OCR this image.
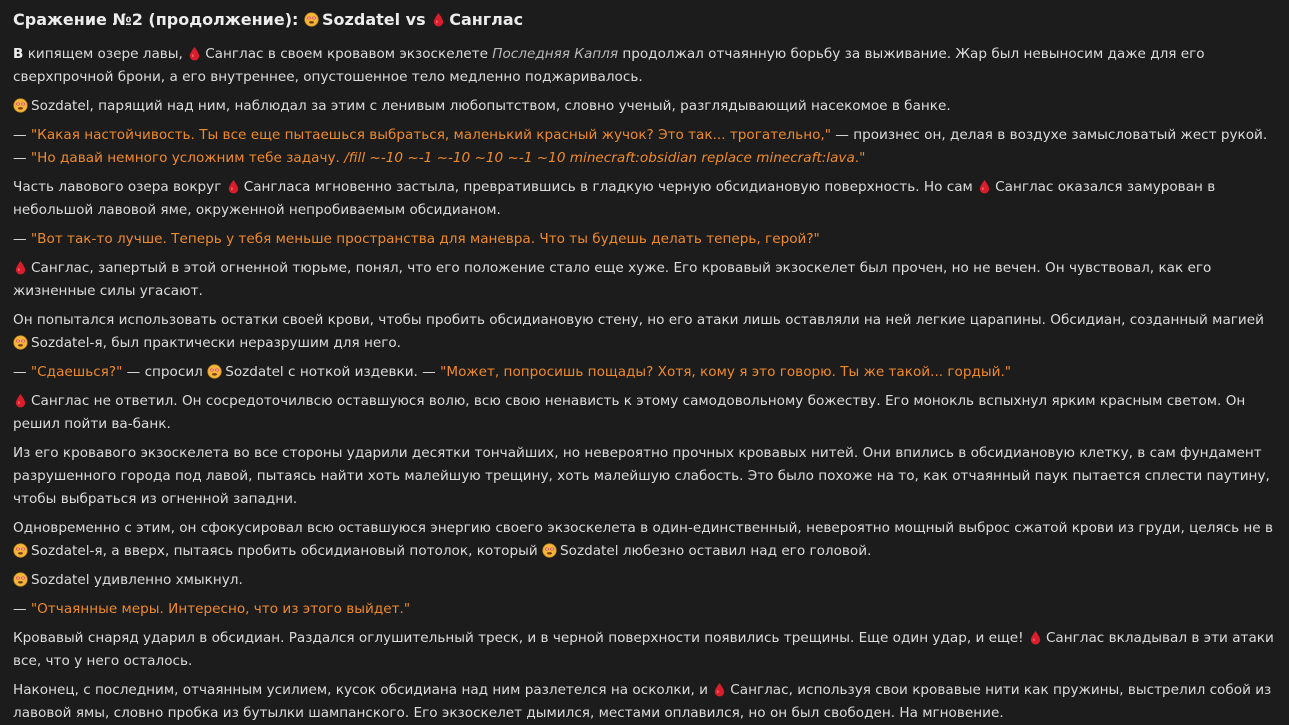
Сражение №2 (продолжение):
Sozdatel
vs
Санглас

В кипящем озере лавы,
Санглас в своем кровавом экзоскелете Последняя Капля продолжал отчаянную борьбу за выживание. Жар был невыносим даже для его сверхпрочной брони, а его внутреннее, опустошенное тело медленно поджаривалось.

Sozdatel, парящий над ним, наблюдал за этим с ленивым любопытством, словно ученый, разглядывающий насекомое в банке.

— "Какая настойчивость. Ты все еще пытаешься выбраться, маленький красный жучок? Это так... трогательно," — произнес он, делая в воздухе замысловатый жест рукой. — "Но давай немного усложним тебе задачу. /fill ~-10 ~-1 ~-10 ~10 ~-1 ~10 minecraft:obsidian replace minecraft:lava."

Часть лавового озера вокруг
Сангласа мгновенно застыла, превратившись в гладкую черную обсидиановую поверхность. Но сам
Санглас оказался замурован в небольшой лавовой яме, окруженной непробиваемым обсидианом.

— "Вот так-то лучше. Теперь у тебя меньше пространства для маневра. Что ты будешь делать теперь, герой?"

Санглас, запертый в этой огненной тюрьме, понял, что его положение стало еще хуже. Его кровавый экзоскелет был прочен, но не вечен. Он чувствовал, как его жизненные силы угасают.

Он попытался использовать остатки своей крови, чтобы пробить обсидиановую стену, но его атаки лишь оставляли на ней легкие царапины. Обсидиан, созданный магией
Sozdatel-я, был практически неразрушим для него.

— "Сдаешься?" — спросил
Sozdatel с ноткой издевки. — "Может, попросишь пощады? Хотя, кому я это говорю. Ты же такой... гордый."

Санглас не ответил. Он сосредоточилвсю оставшуюся волю, всю свою ненависть к этому самодовольному божеству. Его монокль вспыхнул ярким красным светом. Он решил пойти ва-банк.

Из его кровавого экзоскелета во все стороны ударили десятки тончайших, но невероятно прочных кровавых нитей. Они впились в обсидиановую клетку, в сам фундамент разрушенного города под лавой, пытаясь найти хоть малейшую трещину, хоть малейшую слабость. Это было похоже на то, как отчаянный паук пытается сплести паутину, чтобы выбраться из огненной западни.

Одновременно с этим, он сфокусировал всю оставшуюся энергию своего экзоскелета в один-единственный, невероятно мощный выброс сжатой крови из груди, целясь не в
Sozdatel-я, а вверх, пытаясь пробить обсидиановый потолок, который
Sozdatel любезно оставил над его головой.

Sozdatel удивленно хмыкнул.

— "Отчаянные меры. Интересно, что из этого выйдет."

Кровавый снаряд ударил в обсидиан. Раздался оглушительный треск, и в черной поверхности появились трещины. Еще один удар, и еще!
Санглас вкладывал в эти атаки все, что у него осталось.

Наконец, с последним, отчаянным усилием, кусок обсидиана над ним разлетелся на осколки, и
Санглас, используя свои кровавые нити как пружины, выстрелил собой из лавовой ямы, словно пробка из бутылки шампанского. Его экзоскелет дымился, местами оплавился, но он был свободен. На мгновение.
